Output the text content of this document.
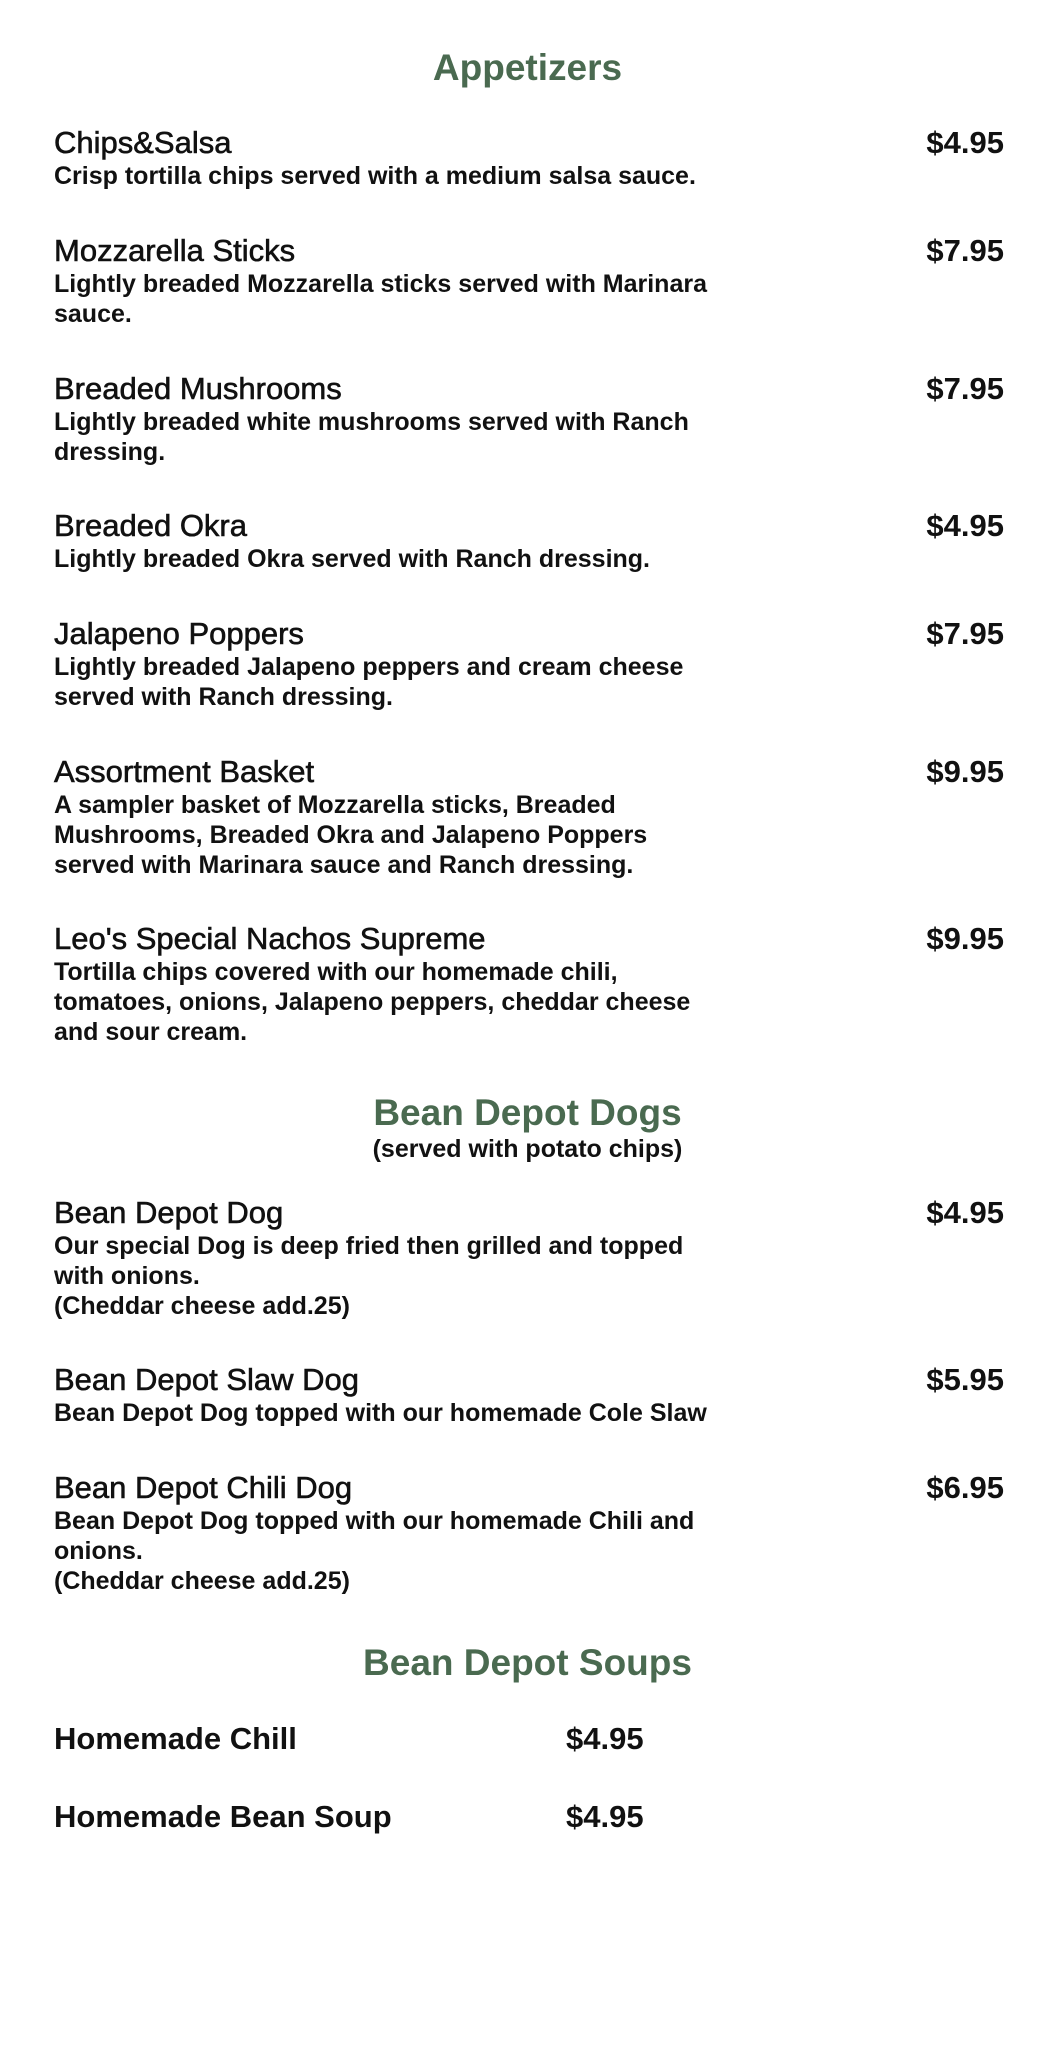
Appetizers
Chips&Salsa	$4.95
Crisp tortilla chips served with a medium salsa sauce.
Mozzarella Sticks	$7.95
Lightly breaded Mozzarella sticks served with Marinara
sauce.
Breaded Mushrooms	$7.95
Lightly breaded white mushrooms served with Ranch
dressing.
Breaded Okra	$4.95
Lightly breaded Okra served with Ranch dressing.
Jalapeno Poppers	$7.95
Lightly breaded Jalapeno peppers and cream cheese
served with Ranch dressing.
Assortment Basket	$9.95
A sampler basket of Mozzarella sticks, Breaded
Mushrooms, Breaded Okra and Jalapeno Poppers
served with Marinara sauce and Ranch dressing.
Leo's Special Nachos Supreme	$9.95
Tortilla chips covered with our homemade chili,
tomatoes, onions, Jalapeno peppers, cheddar cheese
and sour cream.
Bean Depot Dogs
(served with potato chips)
Bean Depot Dog	$4.95
Our special Dog is deep fried then grilled and topped
with onions.
(Cheddar cheese add.25)
Bean Depot Slaw Dog	$5.95
Bean Depot Dog topped with our homemade Cole Slaw
Bean Depot Chili Dog	$6.95
Bean Depot Dog topped with our homemade Chili and
onions.
(Cheddar cheese add.25)
Bean Depot Soups
Homemade Chill	$4.95
Homemade Bean Soup	$4.95
